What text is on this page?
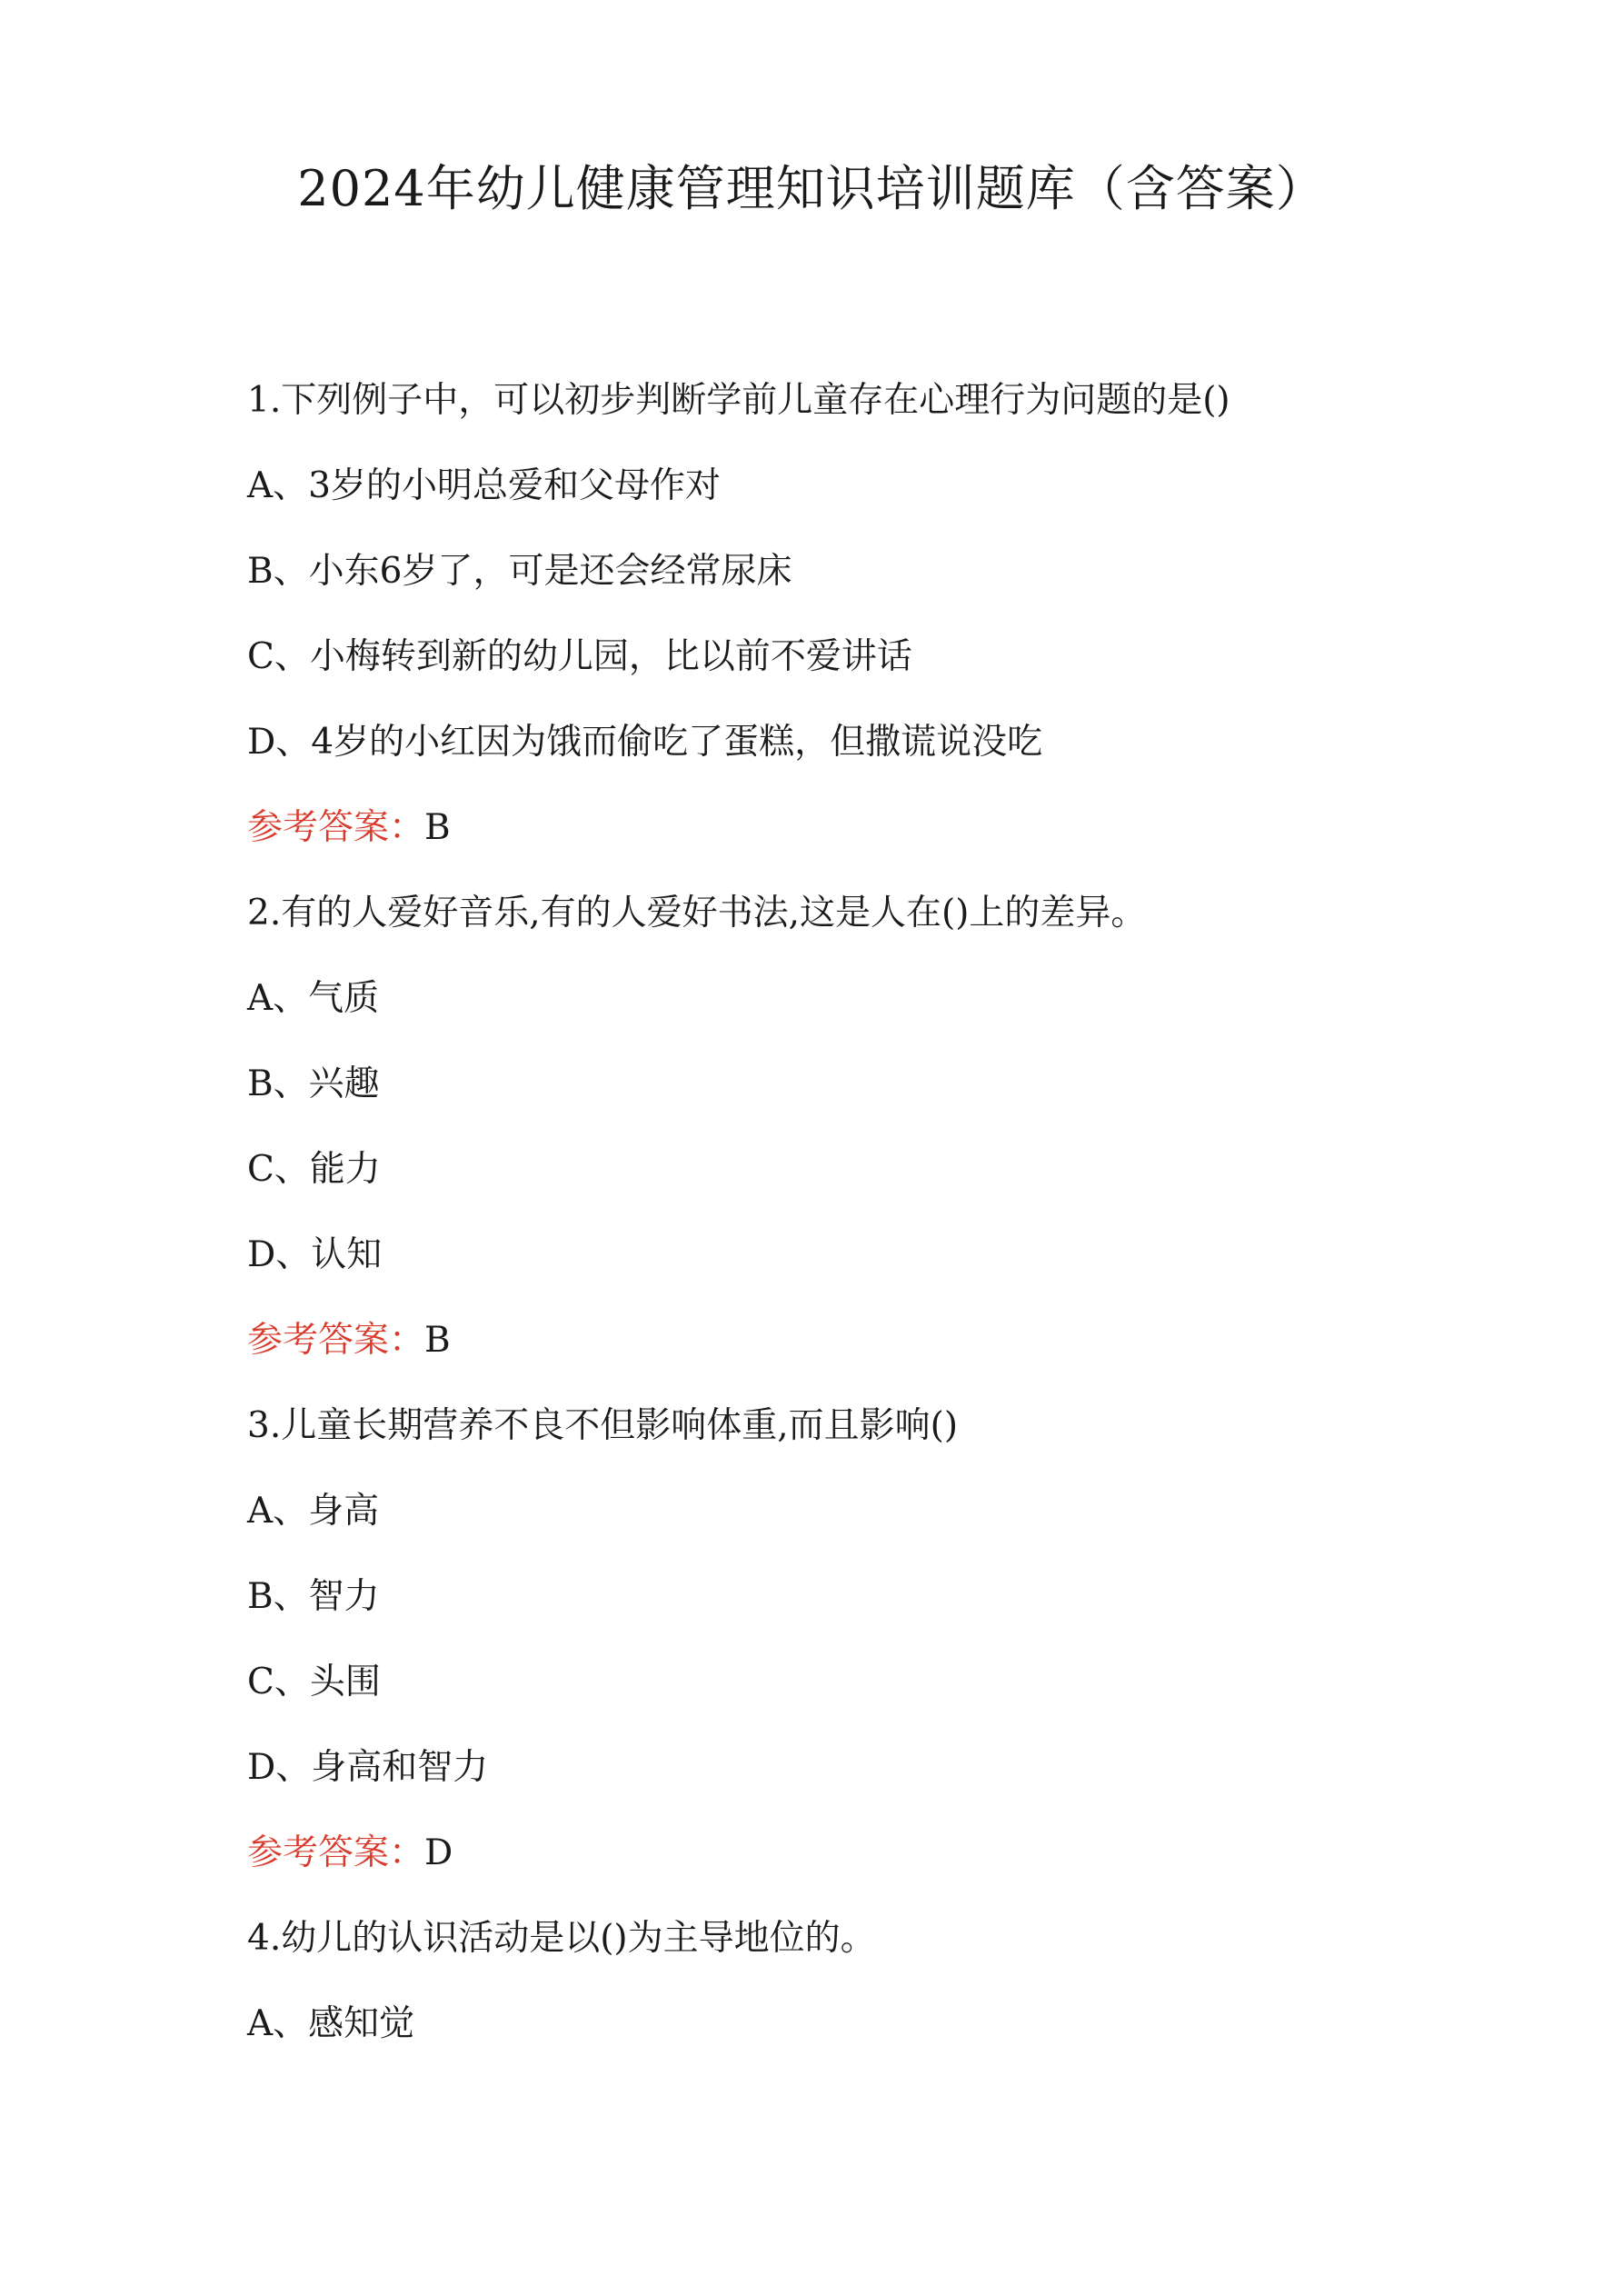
2024年幼儿健康管理知识培训题库（含答案）
1.下列例子中，可以初步判断学前儿童存在心理行为问题的是()
A、3岁的小明总爱和父母作对
B、小东6岁了，可是还会经常尿床
C、小梅转到新的幼儿园，比以前不爱讲话
D、4岁的小红因为饿而偷吃了蛋糕，但撒谎说没吃
参考答案：B
2.有的人爱好音乐,有的人爱好书法,这是人在()上的差异。
A、气质
B、兴趣
C、能力
D、认知
参考答案：B
3.儿童长期营养不良不但影响体重,而且影响()
A、身高
B、智力
C、头围
D、身高和智力
参考答案：D
4.幼儿的认识活动是以()为主导地位的。
A、感知觉
